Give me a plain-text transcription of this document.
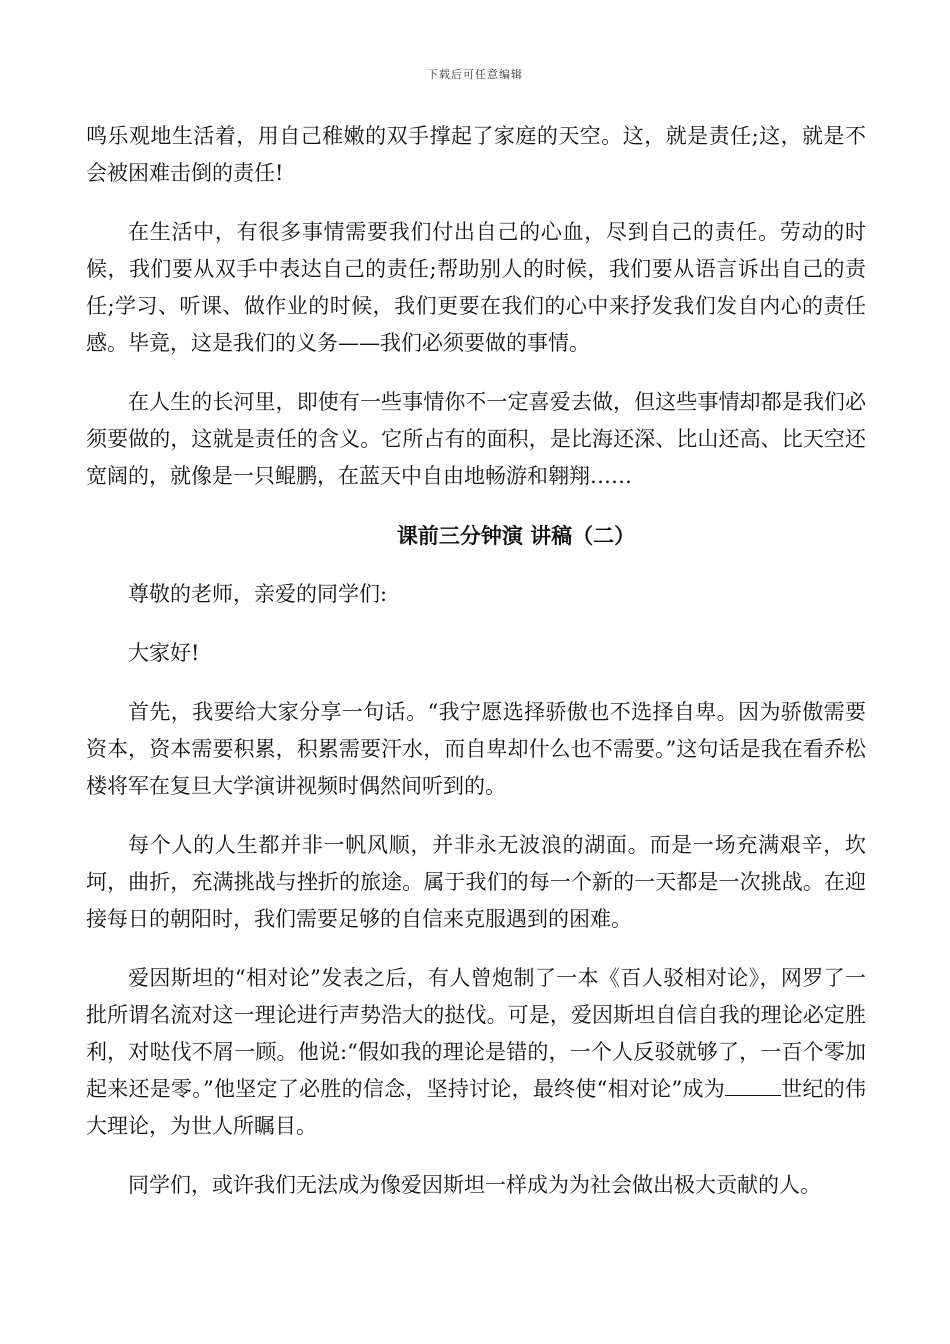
下载后可任意编辑

鸣乐观地生活着，用自己稚嫩的双手撑起了家庭的天空。这，就是责任;这，就是不会被困难击倒的责任!

在生活中，有很多事情需要我们付出自己的心血，尽到自己的责任。劳动的时候，我们要从双手中表达自己的责任;帮助别人的时候，我们要从语言诉出自己的责任;学习、听课、做作业的时候，我们更要在我们的心中来抒发我们发自内心的责任感。毕竟，这是我们的义务——我们必须要做的事情。

在人生的长河里，即使有一些事情你不一定喜爱去做，但这些事情却都是我们必须要做的，这就是责任的含义。它所占有的面积，是比海还深、比山还高、比天空还宽阔的，就像是一只鲲鹏，在蓝天中自由地畅游和翱翔……

课前三分钟演 讲稿（二）

尊敬的老师，亲爱的同学们:

大家好!

首先，我要给大家分享一句话。“我宁愿选择骄傲也不选择自卑。因为骄傲需要资本，资本需要积累，积累需要汗水，而自卑却什么也不需要。”这句话是我在看乔松楼将军在复旦大学演讲视频时偶然间听到的。

每个人的人生都并非一帆风顺，并非永无波浪的湖面。而是一场充满艰辛，坎坷，曲折，充满挑战与挫折的旅途。属于我们的每一个新的一天都是一次挑战。在迎接每日的朝阳时，我们需要足够的自信来克服遇到的困难。

爱因斯坦的“相对论”发表之后，有人曾炮制了一本《百人驳相对论》，网罗了一批所谓名流对这一理论进行声势浩大的挞伐。可是，爱因斯坦自信自我的理论必定胜利，对哒伐不屑一顾。他说:“假如我的理论是错的，一个人反驳就够了，一百个零加起来还是零。”他坚定了必胜的信念，坚持讨论，最终使“相对论”成为	世纪的伟大理论，为世人所瞩目。

同学们，或许我们无法成为像爱因斯坦一样成为为社会做出极大贡献的人。
